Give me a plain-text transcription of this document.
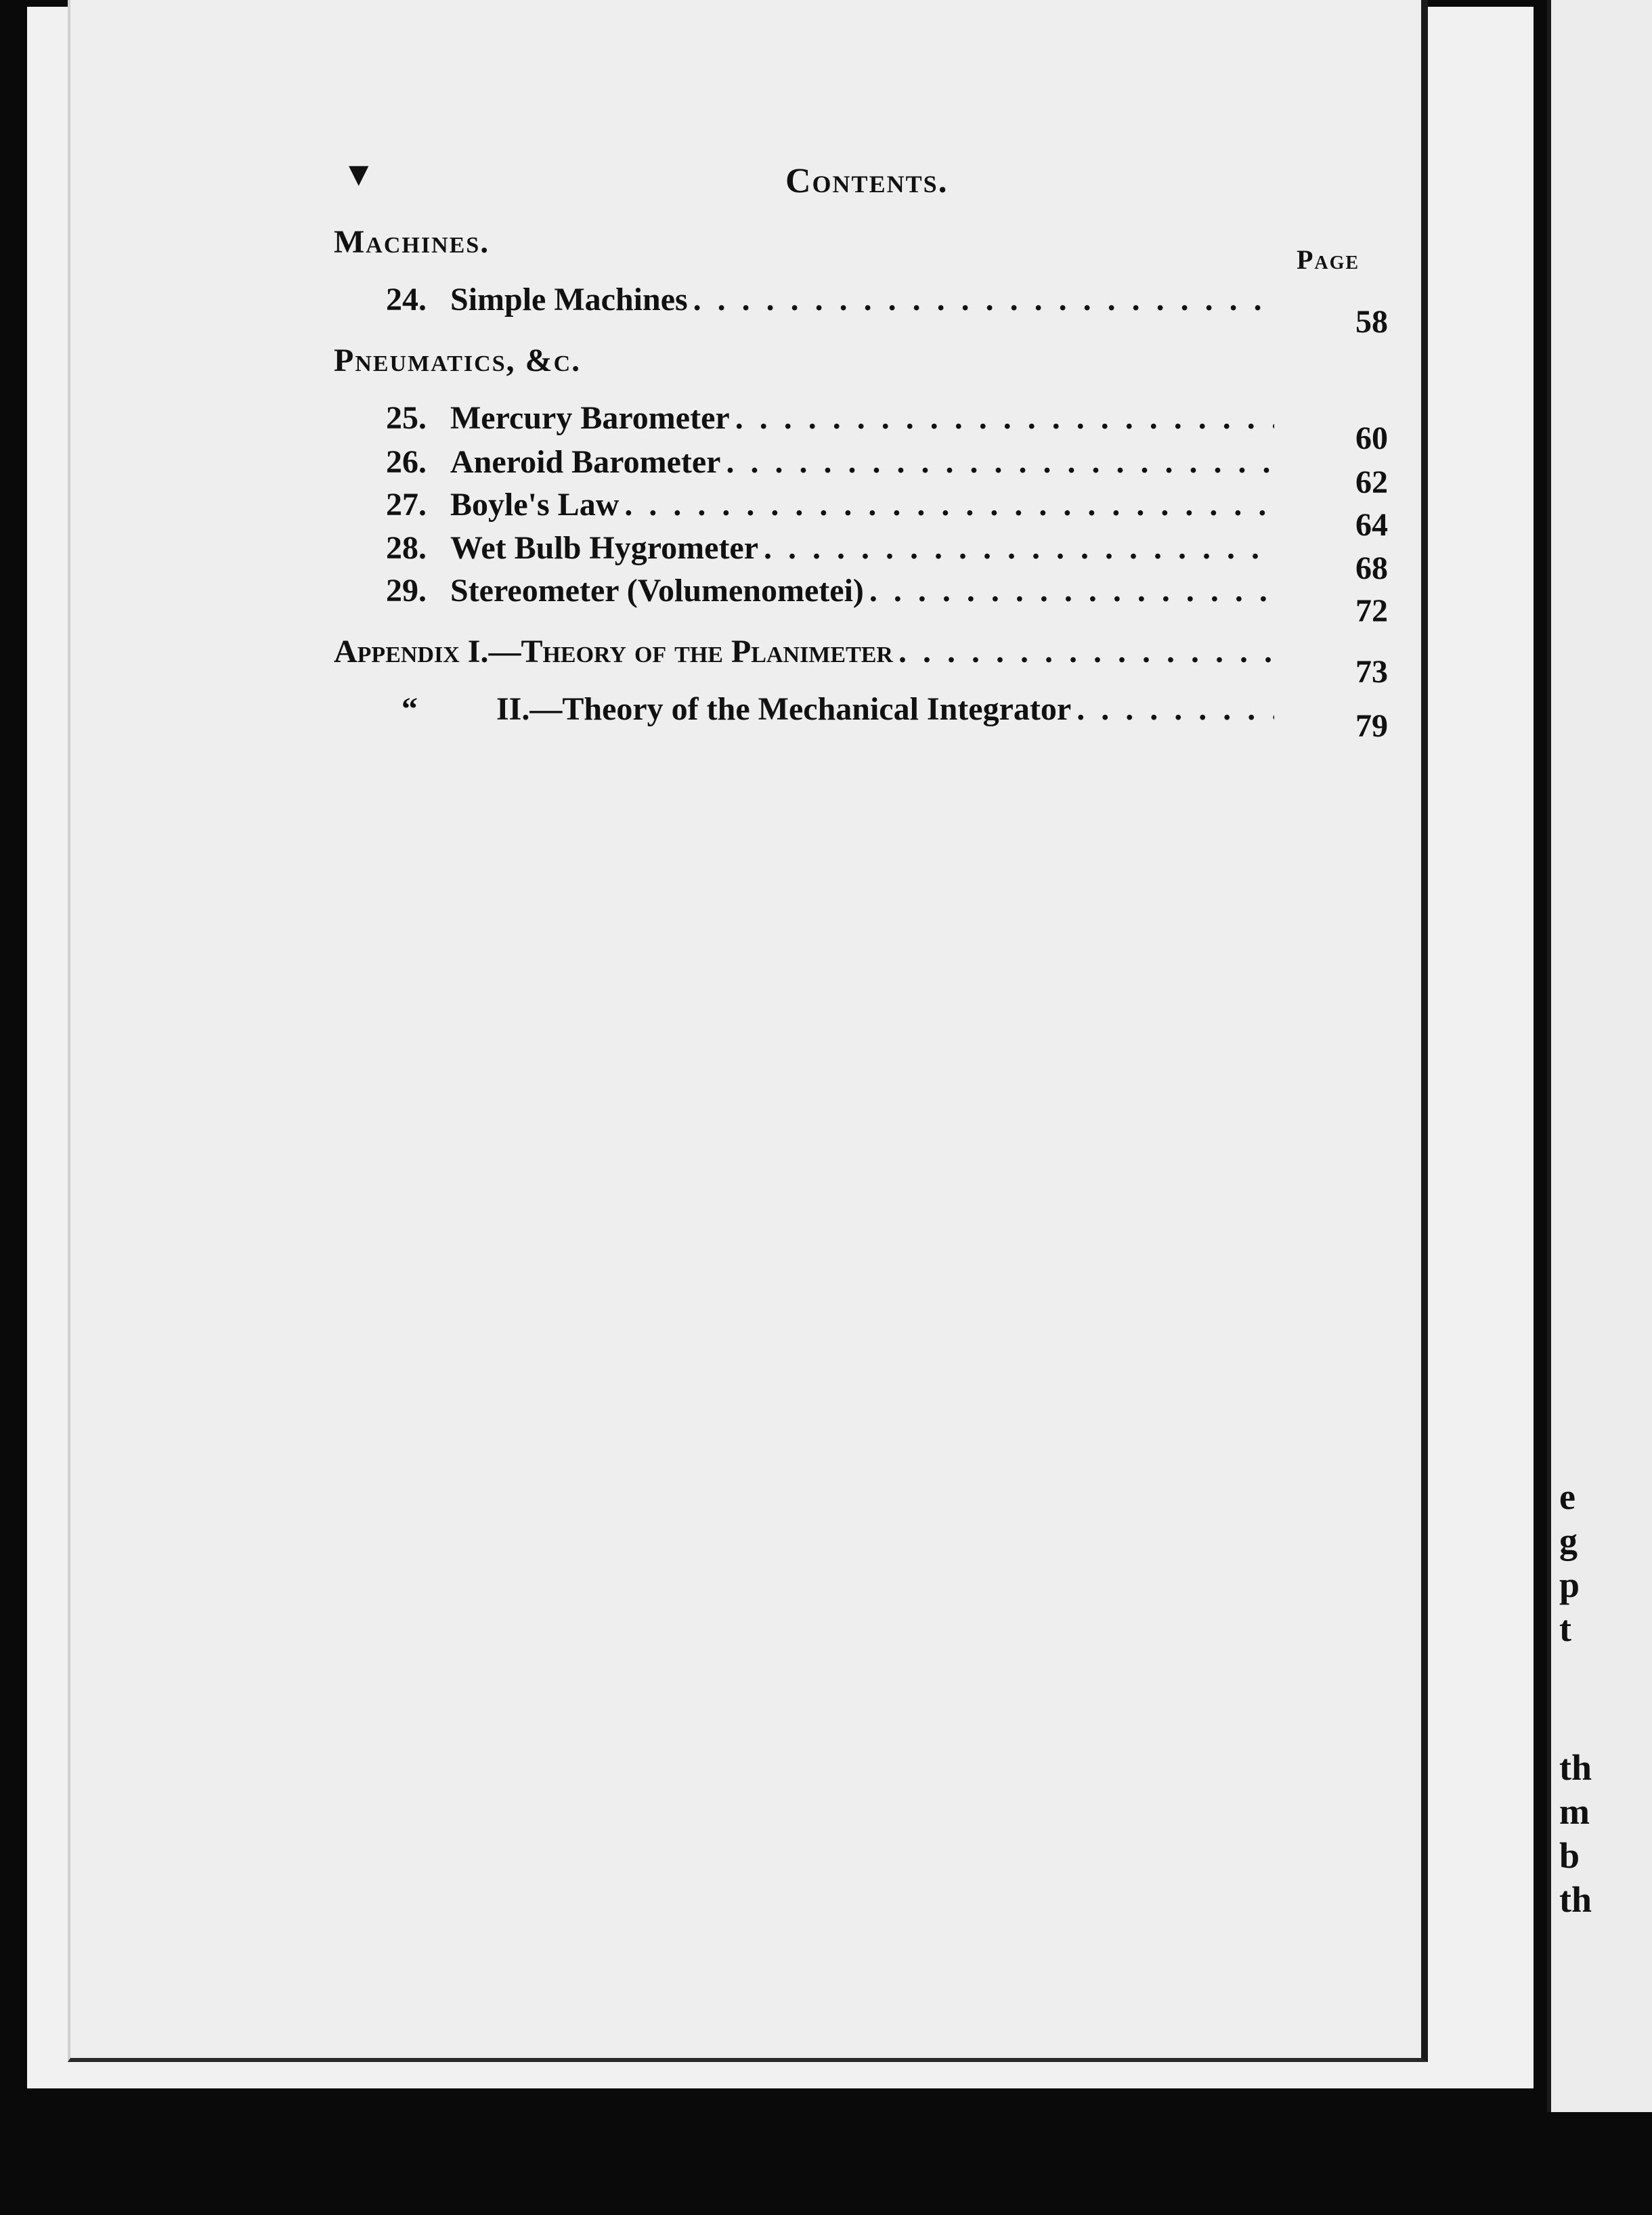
e
g
p
t
th
m
b
th
▼	Contents.
Machines.	Page
24. Simple Machines
. . .
58
Pneumatics, &c.
25. Mercury Barometer
. . .
60
26. Aneroid Barometer
. . .
62
27. Boyle's Law
. . .
64
28. Wet Bulb Hygrometer
. . .
68
29. Stereometer (Volumenometei)
. . .
72
Appendix I.—Theory of the Planimeter
. . .
73
“	II.—Theory of the Mechanical Integrator
. . .	79
